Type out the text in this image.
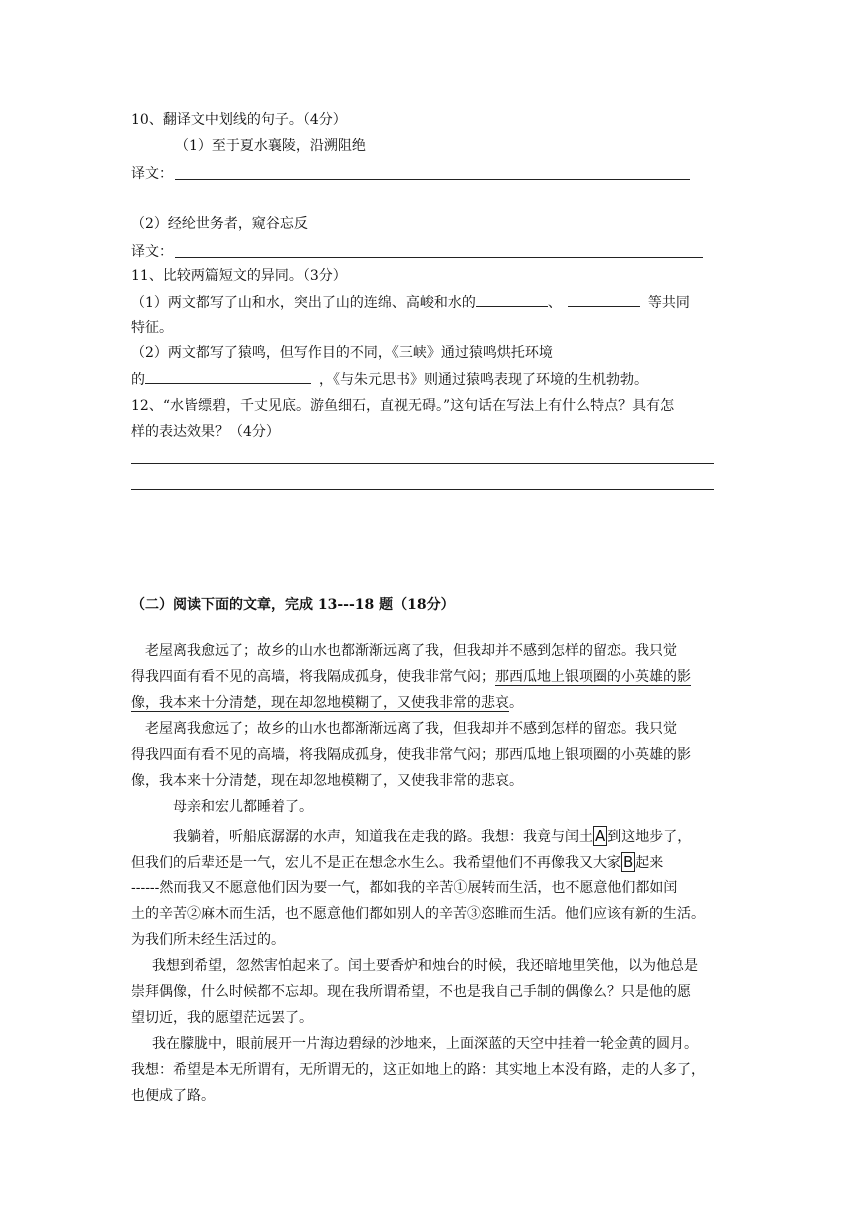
10、翻译文中划线的句子。（4分）
（1）至于夏水襄陵，沿溯阻绝
译文：
（2）经纶世务者，窥谷忘反
译文：
11、比较两篇短文的异同。（3分）
（1）两文都写了山和水，突出了山的连绵、高峻和水的	、	等共同
特征。
（2）两文都写了猿鸣，但写作目的不同，《三峡》通过猿鸣烘托环境
的	，《与朱元思书》则通过猿鸣表现了环境的生机勃勃。
12、“水皆缥碧，千丈见底。游鱼细石，直视无碍。”这句话在写法上有什么特点？具有怎
样的表达效果？（4分）
（二）阅读下面的文章，完成 13---18 题（18分）
老屋离我愈远了；故乡的山水也都渐渐远离了我，但我却并不感到怎样的留恋。我只觉
得我四面有看不见的高墙，将我隔成孤身，使我非常气闷；那西瓜地上银项圈的小英雄的影
像，我本来十分清楚，现在却忽地模糊了，又使我非常的悲哀。
老屋离我愈远了；故乡的山水也都渐渐远离了我，但我却并不感到怎样的留恋。我只觉
得我四面有看不见的高墙，将我隔成孤身，使我非常气闷；那西瓜地上银项圈的小英雄的影
像，我本来十分清楚，现在却忽地模糊了，又使我非常的悲哀。
母亲和宏儿都睡着了。
我躺着，听船底潺潺的水声，知道我在走我的路。我想：我竟与闰土 A 到这地步了，
但我们的后辈还是一气，宏儿不是正在想念水生么。我希望他们不再像我又大家 B 起来
------然而我又不愿意他们因为要一气，都如我的辛苦①展转而生活，也不愿意他们都如闰
土的辛苦②麻木而生活，也不愿意他们都如别人的辛苦③恣睢而生活。他们应该有新的生活。
为我们所未经生活过的。
我想到希望，忽然害怕起来了。闰土要香炉和烛台的时候，我还暗地里笑他，以为他总是
崇拜偶像，什么时候都不忘却。现在我所谓希望，不也是我自己手制的偶像么？只是他的愿
望切近，我的愿望茫远罢了。
我在朦胧中，眼前展开一片海边碧绿的沙地来，上面深蓝的天空中挂着一轮金黄的圆月。
我想：希望是本无所谓有，无所谓无的，这正如地上的路：其实地上本没有路，走的人多了，
也便成了路。
